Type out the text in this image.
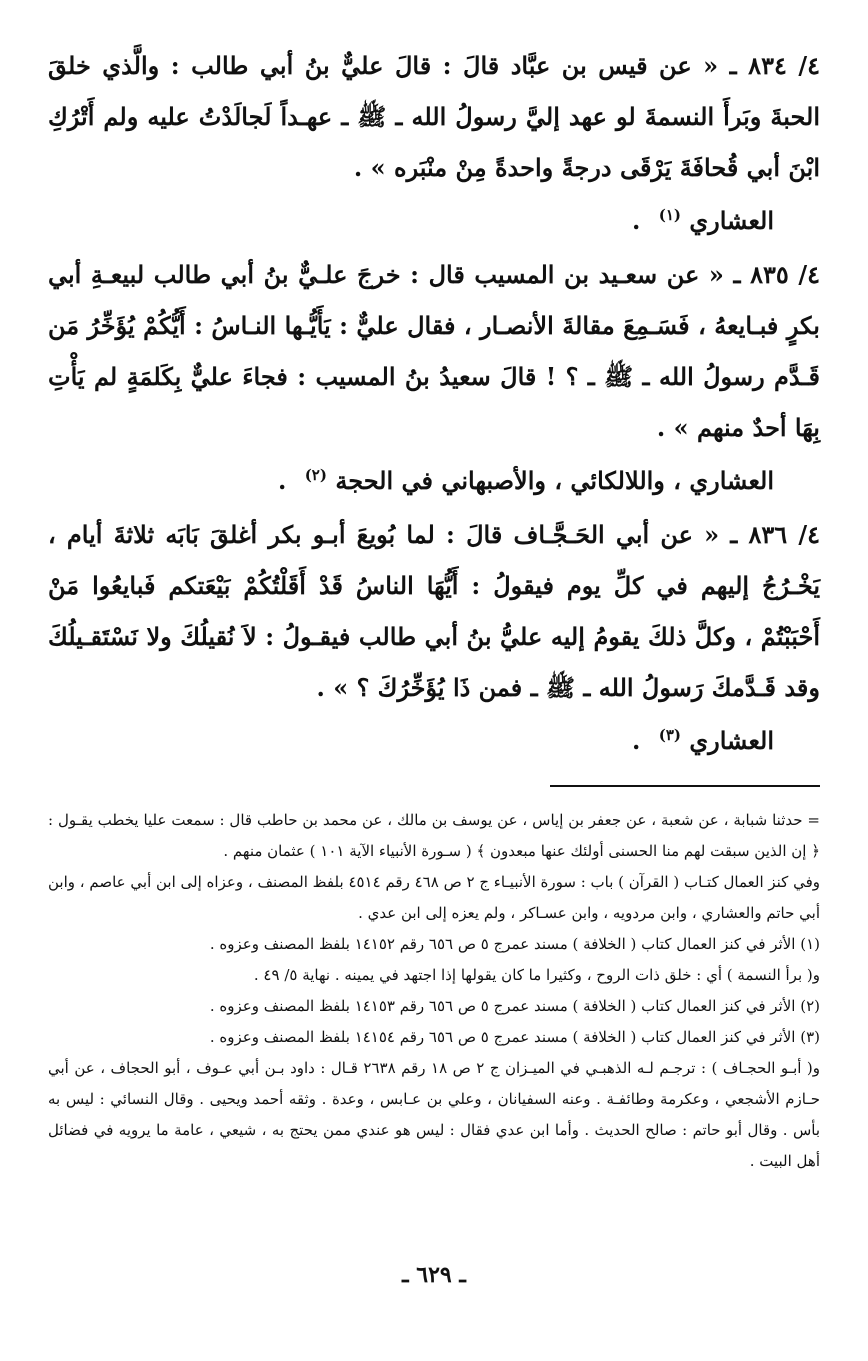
٤/ ٨٣٤ ـ « عن قيس بن عبَّاد قالَ : قالَ عليٌّ بنُ أبي طالب : والَّذي خلقَ الحبةَ وبَرأَ النسمةَ لو عهد إليَّ رسولُ الله ـ ﷺ ـ عهـداً لَجالَدْتُ عليه ولم أَتْرُكِ ابْنَ أبي قُحافَةَ يَرْقَى درجةً واحدةً مِنْ منْبَره » .

العشاري $^{(١)}$ .

٤/ ٨٣٥ ـ « عن سعـيد بن المسيب قال : خرجَ علـيٌّ بنُ أبي طالب لبيعـةِ أبي بكرٍ فبـايعهُ ، فَسَـمِعَ مقالةَ الأنصـار ، فقال عليٌّ : يَأَيُّـها النـاسُ : أَيُّكُمْ يُؤَخِّرُ مَن قَـدَّم رسولُ الله ـ ﷺ ـ ؟ ! قالَ سعيدُ بنُ المسيب : فجاءَ عليٌّ بِكَلمَةٍ لم يَأْتِ بِهَا أحدٌ منهم » .

العشاري ، واللالكائي ، والأصبهاني في الحجة $^{(٢)}$ .

٤/ ٨٣٦ ـ « عن أبي الحَـجَّـاف قالَ : لما بُويعَ أبـو بكر أغلقَ بَابَه ثلاثةَ أيام ، يَخْـرُجُ إليهم في كلِّ يوم فيقولُ : أَيُّهَا الناسُ قَدْ أَقَلْتُكُمْ بَيْعَتكم فَبايعُوا مَنْ أَحْبَبْتُمْ ، وكلَّ ذلكَ يقومُ إليه عليُّ بنُ أبي طالب فيقـولُ : لاَ نُقيلُكَ ولا نَسْتَقـيلُكَ وقد قَـدَّمكَ رَسولُ الله ـ ﷺ ـ فمن ذَا يُؤَخِّرُكَ ؟ » .

العشاري $^{(٣)}$ .

= حدثنا شبابة ، عن شعبة ، عن جعفر بن إياس ، عن يوسف بن مالك ، عن محمد بن حاطب قال : سمعت عليا يخطب يقـول : ﴿ إن الذين سبقت لهم منا الحسنى أولئك عنها مبعدون ﴾ ( سـورة الأنبياء الآية ١٠١ ) عثمان منهم .

وفي كنز العمال كتـاب ( القرآن ) باب : سورة الأنبيـاء ج ٢ ص ٤٦٨ رقم ٤٥١٤ بلفظ المصنف ، وعزاه إلى ابن أبي عاصم ، وابن أبي حاتم والعشاري ، وابن مردويه ، وابن عسـاكر ، ولم يعزه إلى ابن عدي .

(١) الأثر في كنز العمال كتاب ( الخلافة ) مسند عمرج ٥ ص ٦٥٦ رقم ١٤١٥٢ بلفظ المصنف وعزوه .

و( برأ النسمة ) أي : خلق ذات الروح ، وكثيرا ما كان يقولها إذا اجتهد في يمينه . نهاية ٥/ ٤٩ .

(٢) الأثر في كنز العمال كتاب ( الخلافة ) مسند عمرج ٥ ص ٦٥٦ رقم ١٤١٥٣ بلفظ المصنف وعزوه .

(٣) الأثر في كنز العمال كتاب ( الخلافة ) مسند عمرج ٥ ص ٦٥٦ رقم ١٤١٥٤ بلفظ المصنف وعزوه .

و( أبـو الحجـاف ) : ترجـم لـه الذهبـي في الميـزان ج ٢ ص ١٨ رقم ٢٦٣٨ قـال : داود بـن أبي عـوف ، أبو الحجاف ، عن أبي حـازم الأشجعي ، وعكرمة وطائفـة . وعنه السفيانان ، وعلي بن عـابس ، وعدة . وثقه أحمد ويحيى . وقال النسائي : ليس به بأس . وقال أبو حاتم : صالح الحديث . وأما ابن عدي فقال : ليس هو عندي ممن يحتج به ، شيعي ، عامة ما يرويه في فضائل أهل البيت .

ـ ٦٢٩ ـ
